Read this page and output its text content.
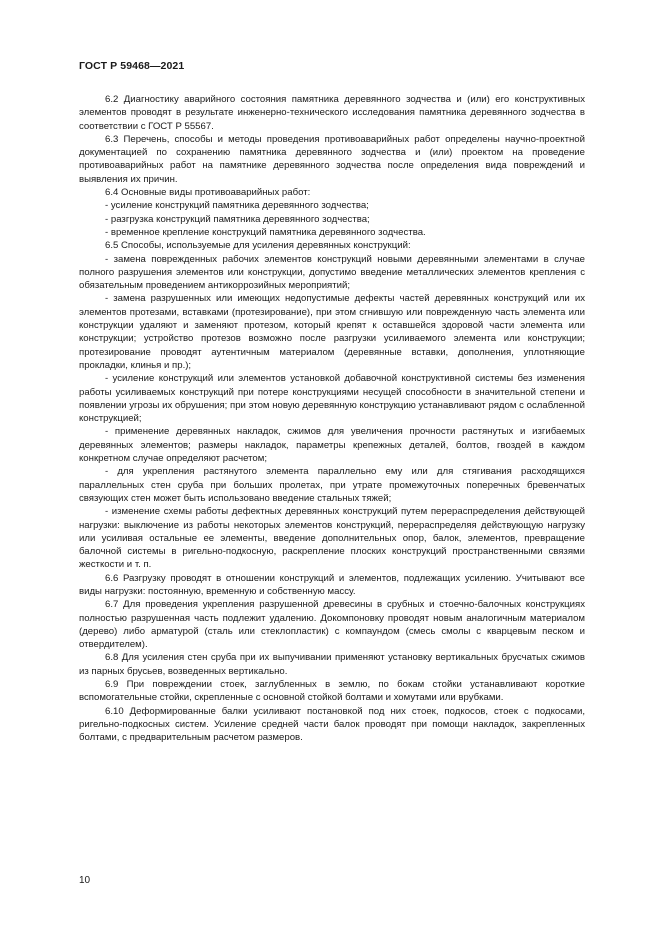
ГОСТ Р 59468—2021

6.2 Диагностику аварийного состояния памятника деревянного зодчества и (или) его конструктивных элементов проводят в результате инженерно-технического исследования памятника деревянного зодчества в соответствии с ГОСТ Р 55567.

6.3 Перечень, способы и методы проведения противоаварийных работ определены научно-проектной документацией по сохранению памятника деревянного зодчества и (или) проектом на проведение противоаварийных работ на памятнике деревянного зодчества после определения вида повреждений и выявления их причин.

6.4 Основные виды противоаварийных работ:

- усиление конструкций памятника деревянного зодчества;

- разгрузка конструкций памятника деревянного зодчества;

- временное крепление конструкций памятника деревянного зодчества.

6.5 Способы, используемые для усиления деревянных конструкций:

- замена поврежденных рабочих элементов конструкций новыми деревянными элементами в случае полного разрушения элементов или конструкции, допустимо введение металлических элементов крепления с обязательным проведением антикоррозийных мероприятий;

- замена разрушенных или имеющих недопустимые дефекты частей деревянных конструкций или их элементов протезами, вставками (протезирование), при этом сгнившую или поврежденную часть элемента или конструкции удаляют и заменяют протезом, который крепят к оставшейся здоровой части элемента или конструкции; устройство протезов возможно после разгрузки усиливаемого элемента или конструкции; протезирование проводят аутентичным материалом (деревянные вставки, дополнения, уплотняющие прокладки, клинья и пр.);

- усиление конструкций или элементов установкой добавочной конструктивной системы без изменения работы усиливаемых конструкций при потере конструкциями несущей способности в значительной степени и появлении угрозы их обрушения; при этом новую деревянную конструкцию устанавливают рядом с ослабленной конструкцией;

- применение деревянных накладок, сжимов для увеличения прочности растянутых и изгибаемых деревянных элементов; размеры накладок, параметры крепежных деталей, болтов, гвоздей в каждом конкретном случае определяют расчетом;

- для укрепления растянутого элемента параллельно ему или для стягивания расходящихся параллельных стен сруба при больших пролетах, при утрате промежуточных поперечных бревенчатых связующих стен может быть использовано введение стальных тяжей;

- изменение схемы работы дефектных деревянных конструкций путем перераспределения действующей нагрузки: выключение из работы некоторых элементов конструкций, перераспределяя действующую нагрузку или усиливая остальные ее элементы, введение дополнительных опор, балок, элементов, превращение балочной системы в ригельно-подкосную, раскрепление плоских конструкций пространственными связями жесткости и т. п.

6.6 Разгрузку проводят в отношении конструкций и элементов, подлежащих усилению. Учитывают все виды нагрузки: постоянную, временную и собственную массу.

6.7 Для проведения укрепления разрушенной древесины в срубных и стоечно-балочных конструкциях полностью разрушенная часть подлежит удалению. Докомпоновку проводят новым аналогичным материалом (дерево) либо арматурой (сталь или стеклопластик) с компаундом (смесь смолы с кварцевым песком и отвердителем).

6.8 Для усиления стен сруба при их выпучивании применяют установку вертикальных брусчатых сжимов из парных брусьев, возведенных вертикально.

6.9 При повреждении стоек, заглубленных в землю, по бокам стойки устанавливают короткие вспомогательные стойки, скрепленные с основной стойкой болтами и хомутами или врубками.

6.10 Деформированные балки усиливают постановкой под них стоек, подкосов, стоек с подкосами, ригельно-подкосных систем. Усиление средней части балок проводят при помощи накладок, закрепленных болтами, с предварительным расчетом размеров.

10
